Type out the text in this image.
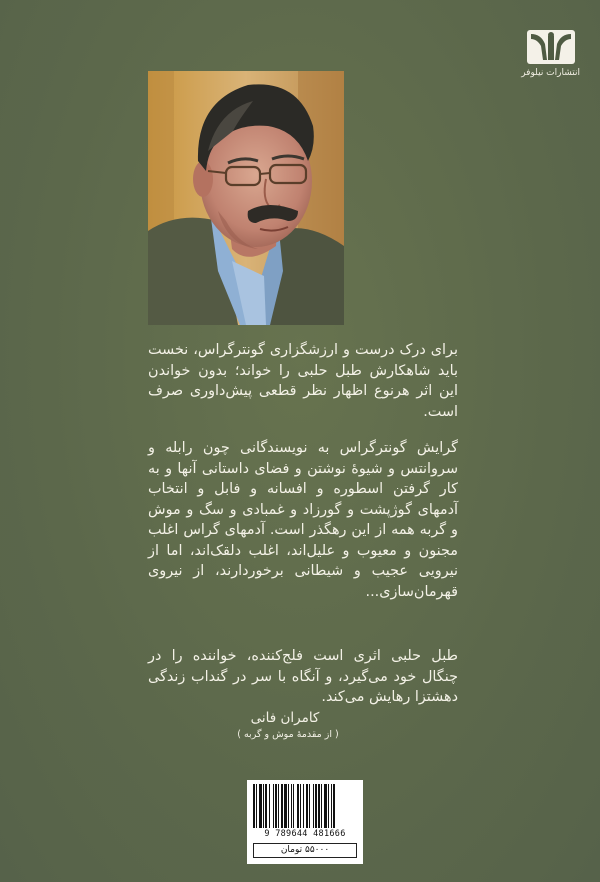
انتشارات نیلوفر

برای درک درست و ارزشگزاری گونترگراس، نخست باید شاهکارش طبل حلبی را خواند؛ بدون خواندن این اثر هرنوع اظهار نظر قطعی پیش‌داوری صرف است.

گرایش گونترگراس به نویسندگانی چون رابله و سروانتس و شیوهٔ نوشتن و فضای داستانی آنها و به کار گرفتن اسطوره و افسانه و فابل و انتخاب آدمهای گوژپشت و گورزاد و غمبادی و سگ و موش و گربه همه از این رهگذر است. آدمهای گراس اغلب مجنون و معیوب و علیل‌اند، اغلب دلقک‌اند، اما از نیرویی عجیب و شیطانی برخوردارند، از نیروی قهرمان‌سازی...

طبل حلبی اثری است فلج‌کننده، خواننده را در چنگال خود می‌گیرد، و آنگاه با سر در گنداب زندگی دهشتزا رهایش می‌کند.

کامران فانی
( از مقدمهٔ موش و گربه )
9 789644 481666
۵۵۰۰۰ تومان
